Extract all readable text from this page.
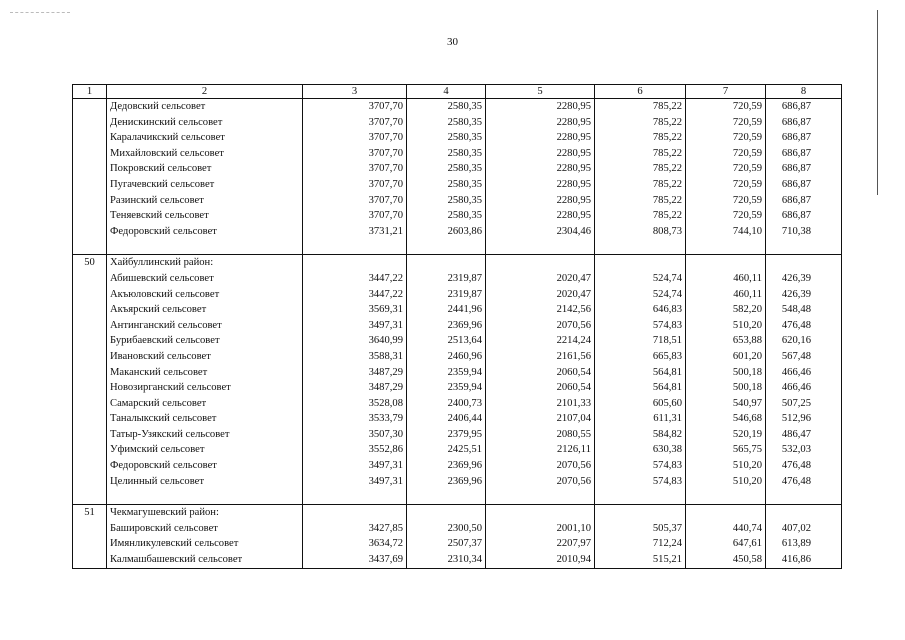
30
1	2	3	4	5	6	7	8
	Дедовский сельсовет	3707,70	2580,35	2280,95	785,22	720,59	686,87
	Денискинский сельсовет	3707,70	2580,35	2280,95	785,22	720,59	686,87
	Каралачикский сельсовет	3707,70	2580,35	2280,95	785,22	720,59	686,87
	Михайловский сельсовет	3707,70	2580,35	2280,95	785,22	720,59	686,87
	Покровский сельсовет	3707,70	2580,35	2280,95	785,22	720,59	686,87
	Пугачевский сельсовет	3707,70	2580,35	2280,95	785,22	720,59	686,87
	Разинский сельсовет	3707,70	2580,35	2280,95	785,22	720,59	686,87
	Теняевский сельсовет	3707,70	2580,35	2280,95	785,22	720,59	686,87
	Федоровский сельсовет	3731,21	2603,86	2304,46	808,73	744,10	710,38

50	Хайбуллинский район:						
	Абишевский сельсовет	3447,22	2319,87	2020,47	524,74	460,11	426,39
	Акъюловский сельсовет	3447,22	2319,87	2020,47	524,74	460,11	426,39
	Акъярский сельсовет	3569,31	2441,96	2142,56	646,83	582,20	548,48
	Антинганский сельсовет	3497,31	2369,96	2070,56	574,83	510,20	476,48
	Бурибаевский сельсовет	3640,99	2513,64	2214,24	718,51	653,88	620,16
	Ивановский сельсовет	3588,31	2460,96	2161,56	665,83	601,20	567,48
	Маканский сельсовет	3487,29	2359,94	2060,54	564,81	500,18	466,46
	Новозирганский сельсовет	3487,29	2359,94	2060,54	564,81	500,18	466,46
	Самарский сельсовет	3528,08	2400,73	2101,33	605,60	540,97	507,25
	Таналыкский сельсовет	3533,79	2406,44	2107,04	611,31	546,68	512,96
	Татыр-Узякский сельсовет	3507,30	2379,95	2080,55	584,82	520,19	486,47
	Уфимский сельсовет	3552,86	2425,51	2126,11	630,38	565,75	532,03
	Федоровский сельсовет	3497,31	2369,96	2070,56	574,83	510,20	476,48
	Целинный сельсовет	3497,31	2369,96	2070,56	574,83	510,20	476,48

51	Чекмагушевский район:						
	Башировский сельсовет	3427,85	2300,50	2001,10	505,37	440,74	407,02
	Имянликулевский сельсовет	3634,72	2507,37	2207,97	712,24	647,61	613,89
	Калмашбашевский сельсовет	3437,69	2310,34	2010,94	515,21	450,58	416,86
